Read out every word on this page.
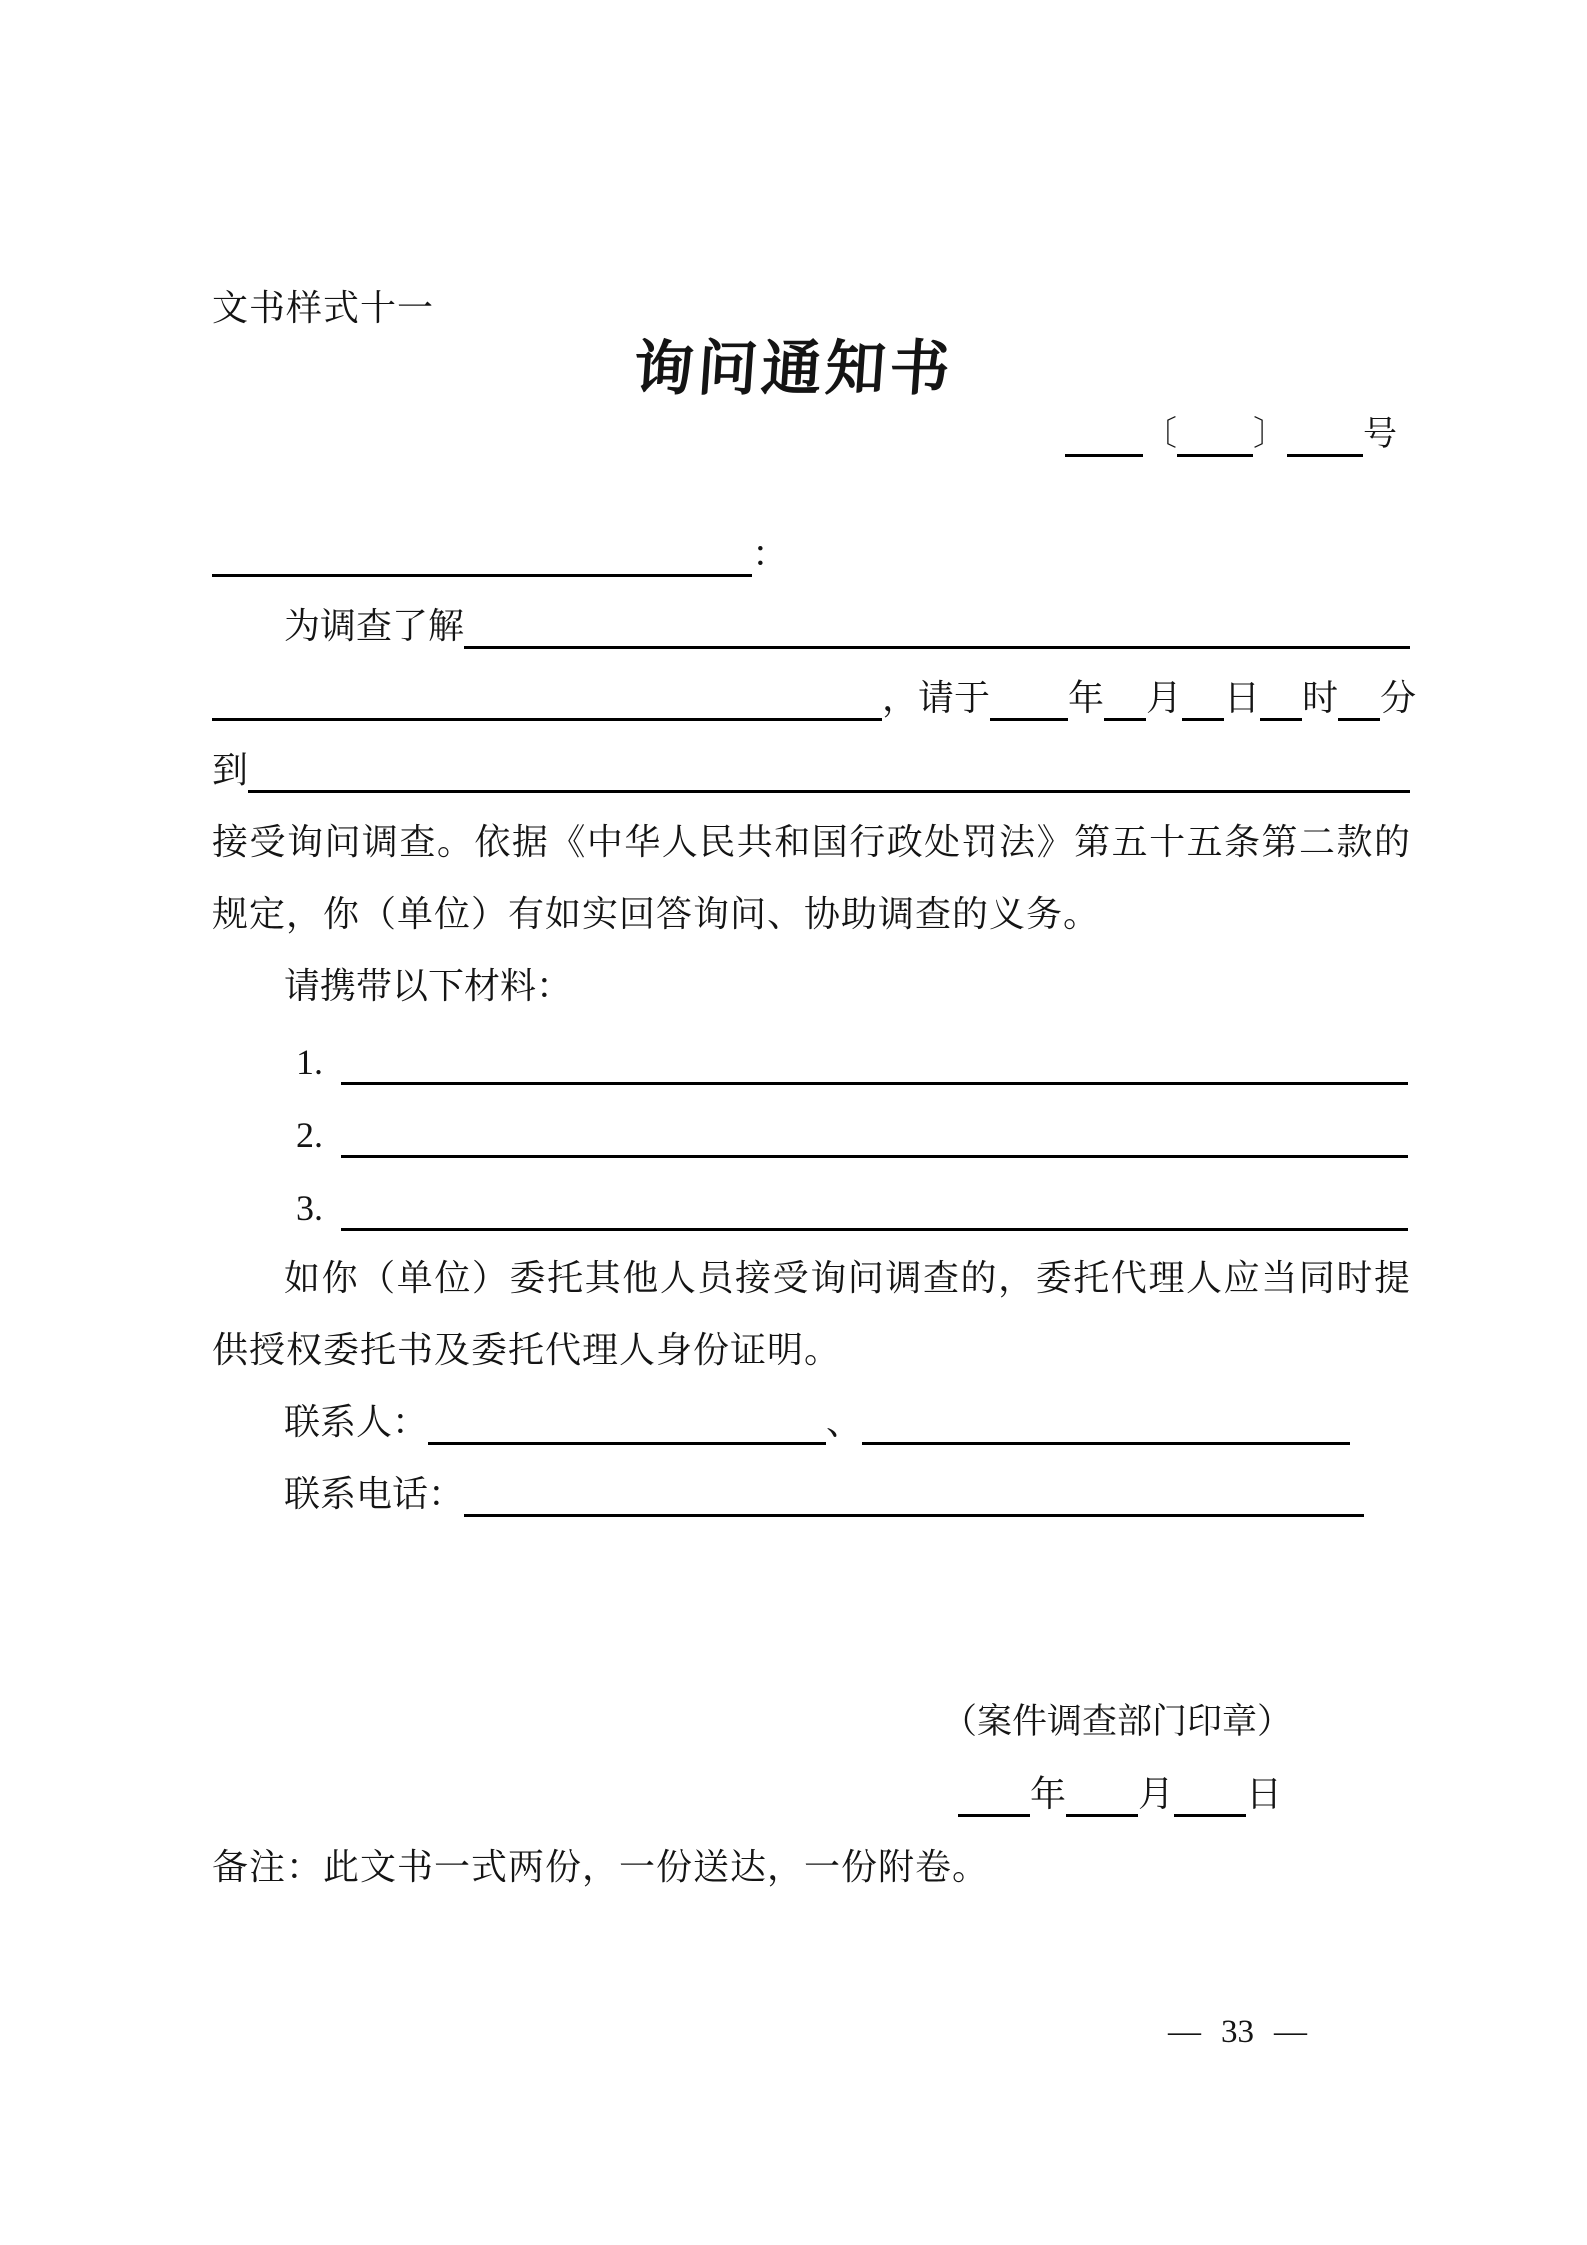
文书样式十一
询问通知书
〔 〕 号
：
为调查了解
，请于 年 月 日 时 分
到
接受询问调查。依据《中华人民共和国行政处罚法》第五十五条第二款的
规定，你（单位）有如实回答询问、协助调查的义务。
请携带以下材料：
1.
2.
3.
如你（单位）委托其他人员接受询问调查的，委托代理人应当同时提
供授权委托书及委托代理人身份证明。
联系人：	、
联系电话：
（案件调查部门印章）
年 月 日
备注：此文书一式两份，一份送达，一份附卷。
— 33 —
